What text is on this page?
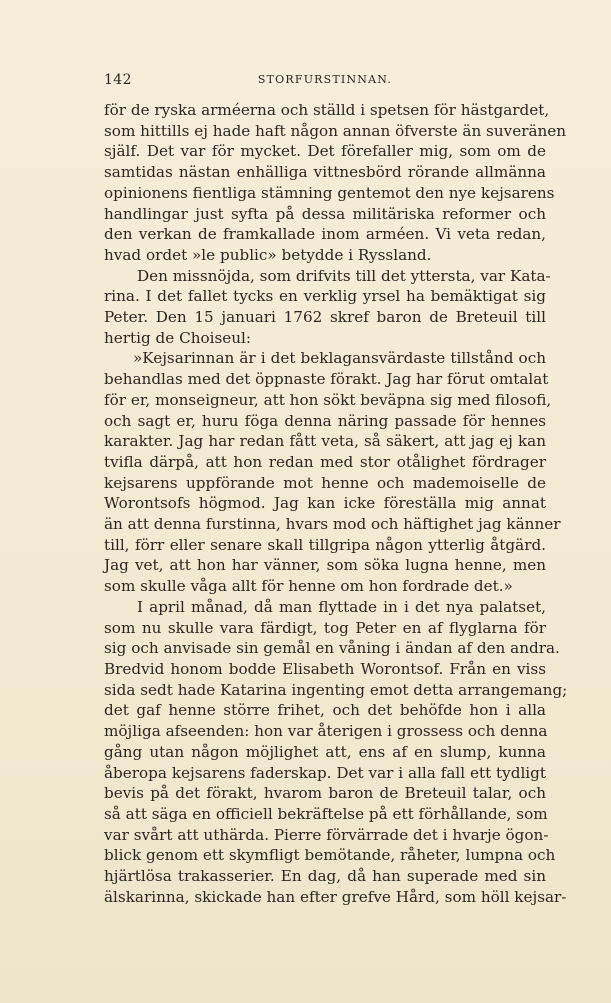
142	STORFURSTINNAN.
för de ryska arméerna och ställd i spetsen för hästgardet,
som hittills ej hade haft någon annan öfverste än suveränen
själf. Det var för mycket. Det förefaller mig, som om de
samtidas nästan enhälliga vittnesbörd rörande allmänna
opinionens fientliga stämning gentemot den nye kejsarens
handlingar just syfta på dessa militäriska reformer och
den verkan de framkallade inom arméen. Vi veta redan,
hvad ordet »le public» betydde i Ryssland.
Den missnöjda, som drifvits till det yttersta, var Kata-
rina. I det fallet tycks en verklig yrsel ha bemäktigat sig
Peter. Den 15 januari 1762 skref baron de Breteuil till
hertig de Choiseul:
»Kejsarinnan är i det beklagansvärdaste tillstånd och
behandlas med det öppnaste förakt. Jag har förut omtalat
för er, monseigneur, att hon sökt beväpna sig med filosofi,
och sagt er, huru föga denna näring passade för hennes
karakter. Jag har redan fått veta, så säkert, att jag ej kan
tvifla därpå, att hon redan med stor otålighet fördrager
kejsarens uppförande mot henne och mademoiselle de
Worontsofs högmod. Jag kan icke föreställa mig annat
än att denna furstinna, hvars mod och häftighet jag känner
till, förr eller senare skall tillgripa någon ytterlig åtgärd.
Jag vet, att hon har vänner, som söka lugna henne, men
som skulle våga allt för henne om hon fordrade det.»
I april månad, då man flyttade in i det nya palatset,
som nu skulle vara färdigt, tog Peter en af flyglarna för
sig och anvisade sin gemål en våning i ändan af den andra.
Bredvid honom bodde Elisabeth Worontsof. Från en viss
sida sedt hade Katarina ingenting emot detta arrangemang;
det gaf henne större frihet, och det behöfde hon i alla
möjliga afseenden: hon var återigen i grossess och denna
gång utan någon möjlighet att, ens af en slump, kunna
åberopa kejsarens faderskap. Det var i alla fall ett tydligt
bevis på det förakt, hvarom baron de Breteuil talar, och
så att säga en officiell bekräftelse på ett förhållande, som
var svårt att uthärda. Pierre förvärrade det i hvarje ögon-
blick genom ett skymfligt bemötande, råheter, lumpna och
hjärtlösa trakasserier. En dag, då han superade med sin
älskarinna, skickade han efter grefve Hård, som höll kejsar-
